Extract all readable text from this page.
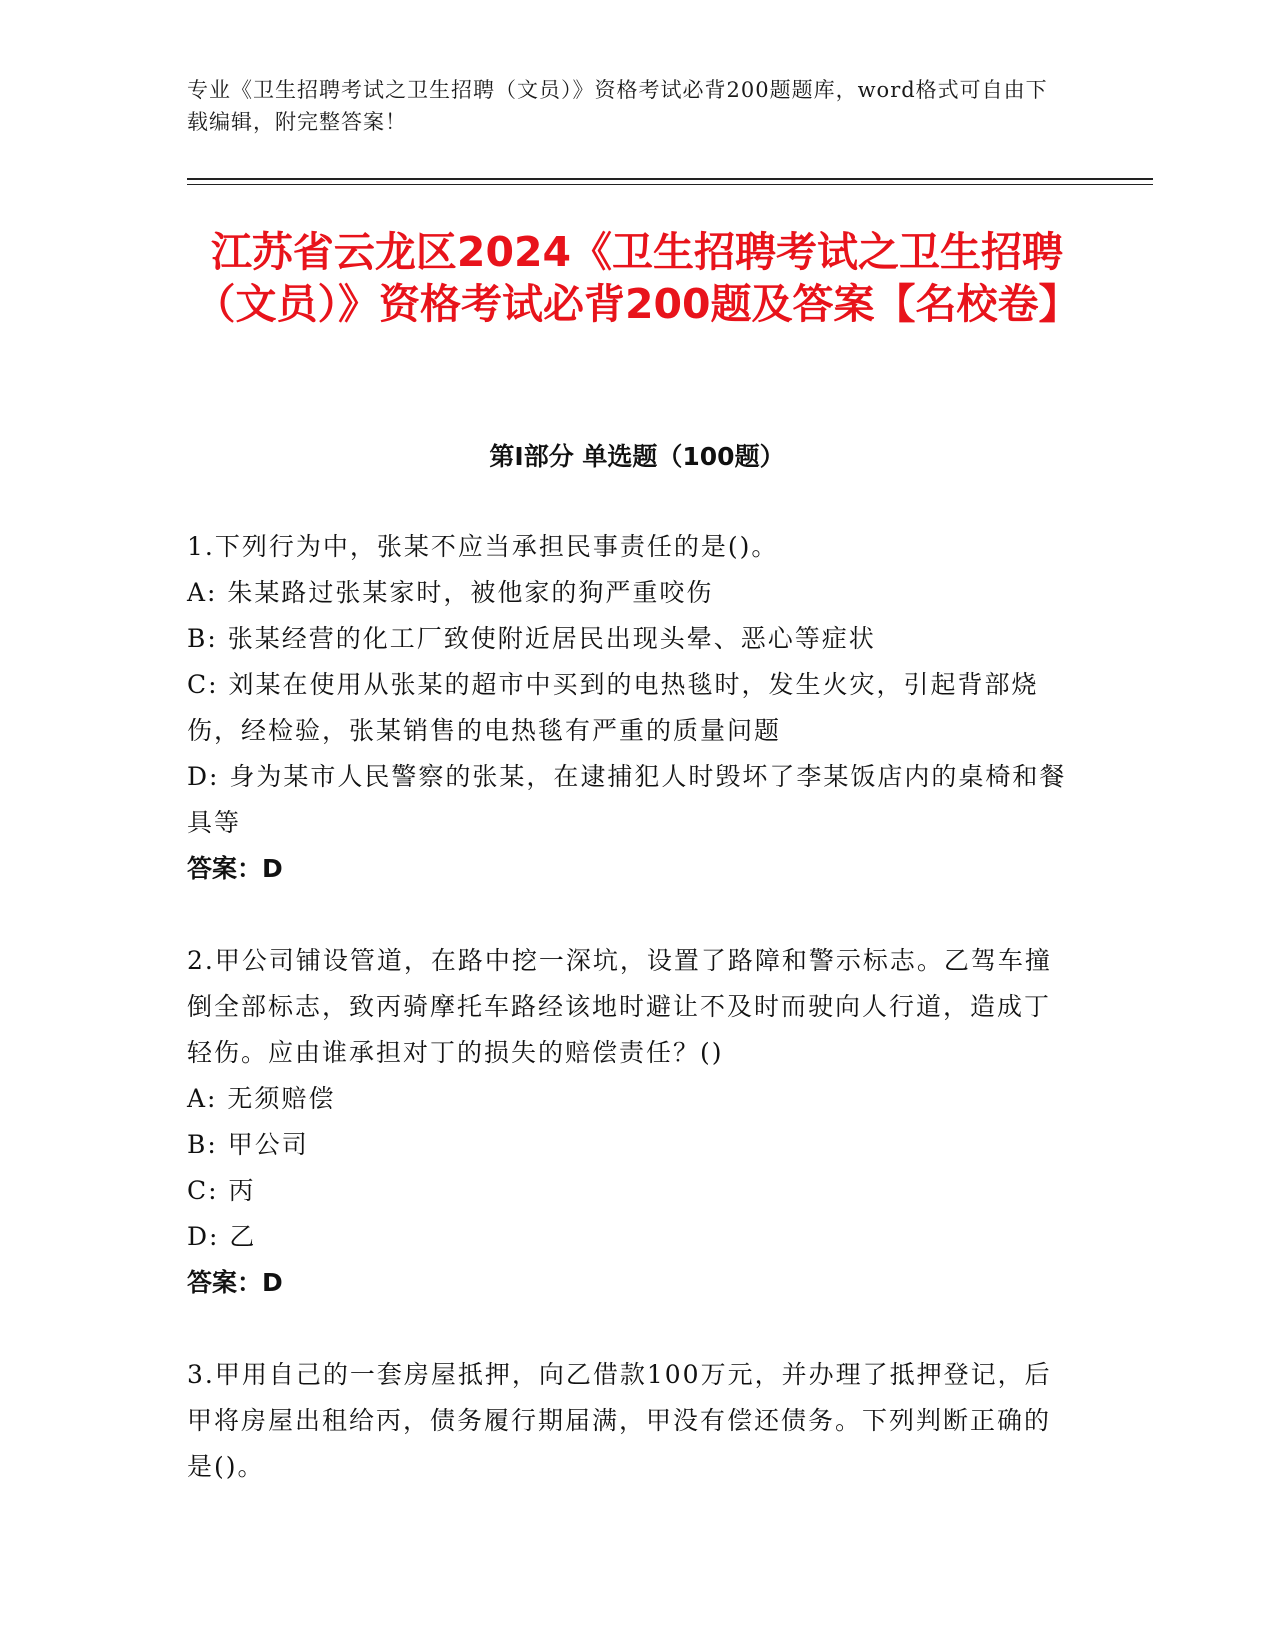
专业《卫生招聘考试之卫生招聘（文员）》资格考试必背200题题库，word格式可自由下载编辑，附完整答案！
江苏省云龙区2024《卫生招聘考试之卫生招聘（文员）》资格考试必背200题及答案【名校卷】
第I部分 单选题（100题）

1.下列行为中，张某不应当承担民事责任的是()。

A: 朱某路过张某家时，被他家的狗严重咬伤

B: 张某经营的化工厂致使附近居民出现头晕、恶心等症状

C: 刘某在使用从张某的超市中买到的电热毯时，发生火灾，引起背部烧伤，经检验，张某销售的电热毯有严重的质量问题

D: 身为某市人民警察的张某，在逮捕犯人时毁坏了李某饭店内的桌椅和餐具等

答案：D

2.甲公司铺设管道，在路中挖一深坑，设置了路障和警示标志。乙驾车撞倒全部标志，致丙骑摩托车路经该地时避让不及时而驶向人行道，造成丁轻伤。应由谁承担对丁的损失的赔偿责任？()

A: 无须赔偿

B: 甲公司

C: 丙

D: 乙

答案：D

3.甲用自己的一套房屋抵押，向乙借款100万元，并办理了抵押登记，后甲将房屋出租给丙，债务履行期届满，甲没有偿还债务。下列判断正确的是()。
